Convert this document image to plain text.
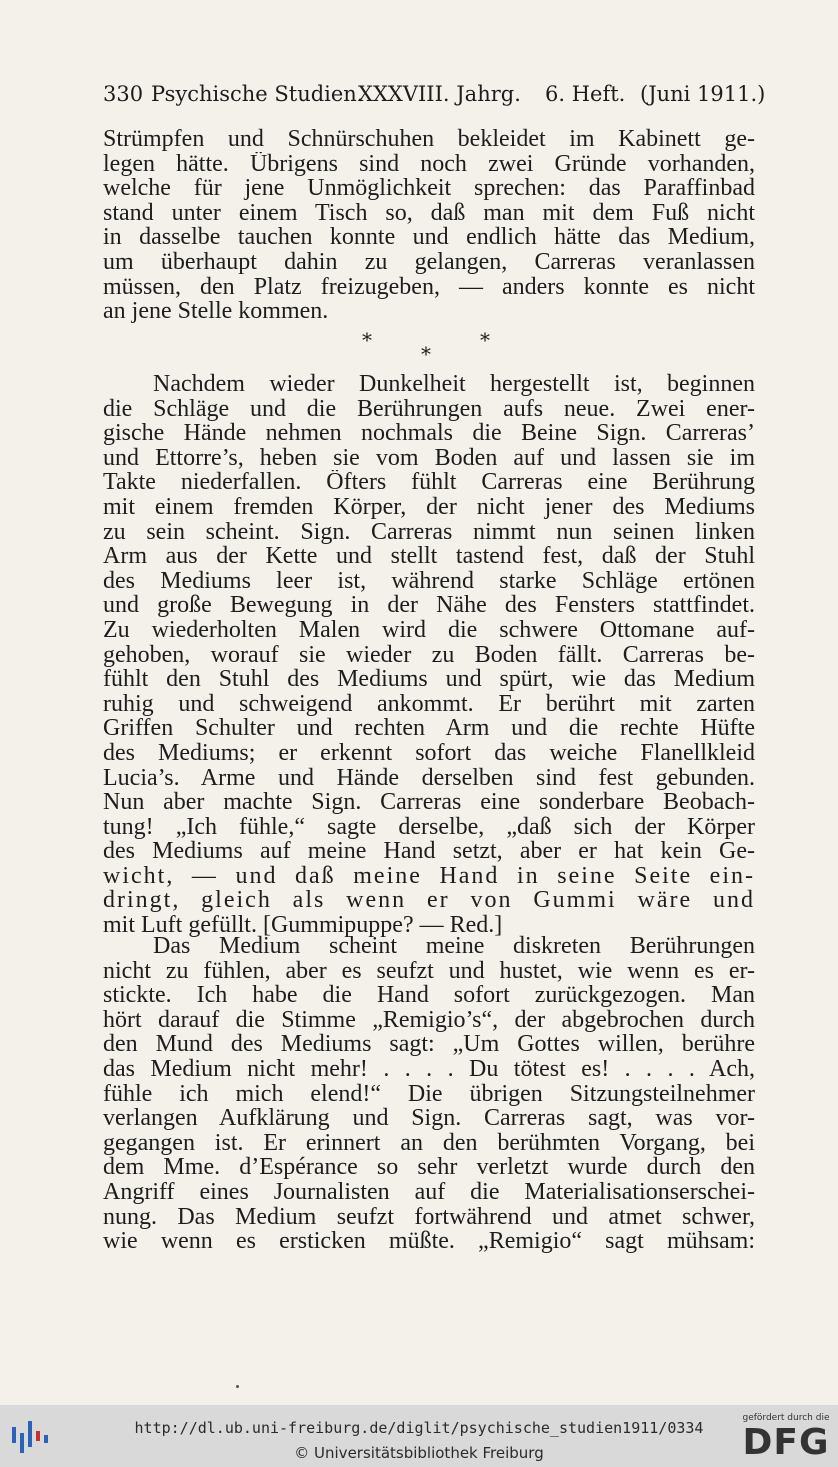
330 Psychische Studien.
XXXVIII. Jahrg. 6. Heft. (Juni 1911.)
Strümpfen und Schnürschuhen bekleidet im Kabinett ge-
legen hätte. Übrigens sind noch zwei Gründe vorhanden,
welche für jene Unmöglichkeit sprechen: das Paraffinbad
stand unter einem Tisch so, daß man mit dem Fuß nicht
in dasselbe tauchen konnte und endlich hätte das Medium,
um überhaupt dahin zu gelangen, Carreras veranlassen
müssen, den Platz freizugeben, — anders konnte es nicht
an jene Stelle kommen.
*
*
*
Nachdem wieder Dunkelheit hergestellt ist, beginnen
die Schläge und die Berührungen aufs neue. Zwei ener-
gische Hände nehmen nochmals die Beine Sign. Carreras’
und Ettorre’s, heben sie vom Boden auf und lassen sie im
Takte niederfallen. Öfters fühlt Carreras eine Berührung
mit einem fremden Körper, der nicht jener des Mediums
zu sein scheint. Sign. Carreras nimmt nun seinen linken
Arm aus der Kette und stellt tastend fest, daß der Stuhl
des Mediums leer ist, während starke Schläge ertönen
und große Bewegung in der Nähe des Fensters stattfindet.
Zu wiederholten Malen wird die schwere Ottomane auf-
gehoben, worauf sie wieder zu Boden fällt. Carreras be-
fühlt den Stuhl des Mediums und spürt, wie das Medium
ruhig und schweigend ankommt. Er berührt mit zarten
Griffen Schulter und rechten Arm und die rechte Hüfte
des Mediums; er erkennt sofort das weiche Flanellkleid
Lucia’s. Arme und Hände derselben sind fest gebunden.
Nun aber machte Sign. Carreras eine sonderbare Beobach-
tung! „Ich fühle,“ sagte derselbe, „daß sich der Körper
des Mediums auf meine Hand setzt, aber er hat kein Ge-
wicht, — und daß meine Hand in seine Seite ein-
dringt, gleich als wenn er von Gummi wäre und
mit Luft gefüllt. [Gummipuppe? — Red.]
Das Medium scheint meine diskreten Berührungen
nicht zu fühlen, aber es seufzt und hustet, wie wenn es er-
stickte. Ich habe die Hand sofort zurückgezogen. Man
hört darauf die Stimme „Remigio’s“, der abgebrochen durch
den Mund des Mediums sagt: „Um Gottes willen, berühre
das Medium nicht mehr! . . . . Du tötest es! . . . . Ach,
fühle ich mich elend!“ Die übrigen Sitzungsteilnehmer
verlangen Aufklärung und Sign. Carreras sagt, was vor-
gegangen ist. Er erinnert an den berühmten Vorgang, bei
dem Mme. d’Espérance so sehr verletzt wurde durch den
Angriff eines Journalisten auf die Materialisationserschei-
nung. Das Medium seufzt fortwährend und atmet schwer,
wie wenn es ersticken müßte. „Remigio“ sagt mühsam:
http://dl.ub.uni-freiburg.de/diglit/psychische_studien1911/0334
© Universitätsbibliothek Freiburg
gefördert durch die
DFG
